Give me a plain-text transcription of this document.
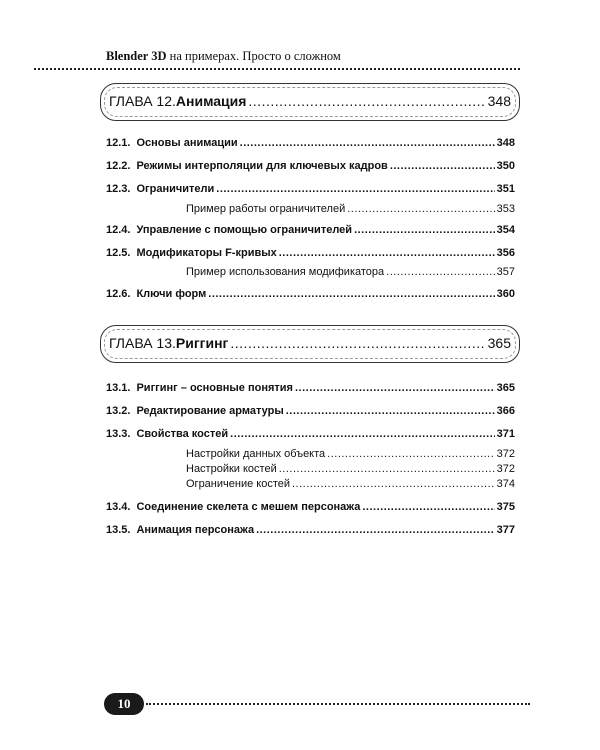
Blender 3D на примерах. Просто о сложном
ГЛАВА 12. Анимация .....	348
12.1. Основы анимации .....	348
12.2. Режимы интерполяции для ключевых кадров .....	350
12.3. Ограничители .....	351
Пример работы ограничителей .....	353
12.4. Управление с помощью ограничителей .....	354
12.5. Модификаторы F-кривых .....	356
Пример использования модификатора .....	357
12.6. Ключи форм .....	360
ГЛАВА 13. Риггинг .....	365
13.1. Риггинг – основные понятия .....	365
13.2. Редактирование арматуры .....	366
13.3. Свойства костей .....	371
Настройки данных объекта .....	372
Настройки костей .....	372
Ограничение костей .....	374
13.4. Соединение скелета с мешем персонажа .....	375
13.5. Анимация персонажа .....	377
10
